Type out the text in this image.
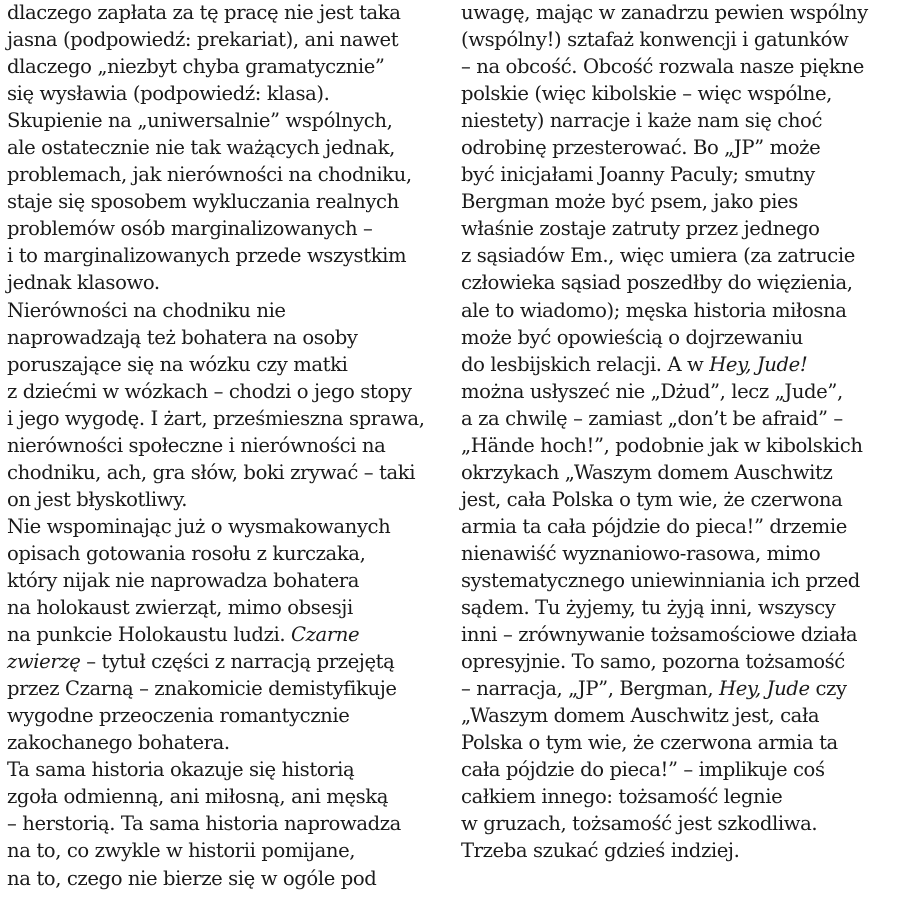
dlaczego zapłata za tę pracę nie jest taka
jasna (podpowiedź: prekariat), ani nawet
dlaczego „niezbyt chyba gramatycznie”
się wysławia (podpowiedź: klasa).
Skupienie na „uniwersalnie” wspólnych,
ale ostatecznie nie tak ważących jednak,
problemach, jak nierówności na chodniku,
staje się sposobem wykluczania realnych
problemów osób marginalizowanych –
i to marginalizowanych przede wszystkim
jednak klasowo.
Nierówności na chodniku nie
naprowadzają też bohatera na osoby
poruszające się na wózku czy matki
z dziećmi w wózkach – chodzi o jego stopy
i jego wygodę. I żart, prześmieszna sprawa,
nierówności społeczne i nierówności na
chodniku, ach, gra słów, boki zrywać – taki
on jest błyskotliwy.
Nie wspominając już o wysmakowanych
opisach gotowania rosołu z kurczaka,
który nijak nie naprowadza bohatera
na holokaust zwierząt, mimo obsesji
na punkcie Holokaustu ludzi. Czarne
zwierzę – tytuł części z narracją przejętą
przez Czarną – znakomicie demistyfikuje
wygodne przeoczenia romantycznie
zakochanego bohatera.
Ta sama historia okazuje się historią
zgoła odmienną, ani miłosną, ani męską
– herstorią. Ta sama historia naprowadza
na to, co zwykle w historii pomijane,
na to, czego nie bierze się w ogóle pod
uwagę, mając w zanadrzu pewien wspólny
(wspólny!) sztafaż konwencji i gatunków
– na obcość. Obcość rozwala nasze piękne
polskie (więc kibolskie – więc wspólne,
niestety) narracje i każe nam się choć
odrobinę przesterować. Bo „JP” może
być inicjałami Joanny Paculy; smutny
Bergman może być psem, jako pies
właśnie zostaje zatruty przez jednego
z sąsiadów Em., więc umiera (za zatrucie
człowieka sąsiad poszedłby do więzienia,
ale to wiadomo); męska historia miłosna
może być opowieścią o dojrzewaniu
do lesbijskich relacji. A w Hey, Jude!
można usłyszeć nie „Dżud”, lecz „Jude”,
a za chwilę – zamiast „don’t be afraid” –
„Hände hoch!”, podobnie jak w kibolskich
okrzykach „Waszym domem Auschwitz
jest, cała Polska o tym wie, że czerwona
armia ta cała pójdzie do pieca!” drzemie
nienawiść wyznaniowo-rasowa, mimo
systematycznego uniewinniania ich przed
sądem. Tu żyjemy, tu żyją inni, wszyscy
inni – zrównywanie tożsamościowe działa
opresyjnie. To samo, pozorna tożsamość
– narracja, „JP”, Bergman, Hey, Jude czy
„Waszym domem Auschwitz jest, cała
Polska o tym wie, że czerwona armia ta
cała pójdzie do pieca!” – implikuje coś
całkiem innego: tożsamość legnie
w gruzach, tożsamość jest szkodliwa.
Trzeba szukać gdzieś indziej.
